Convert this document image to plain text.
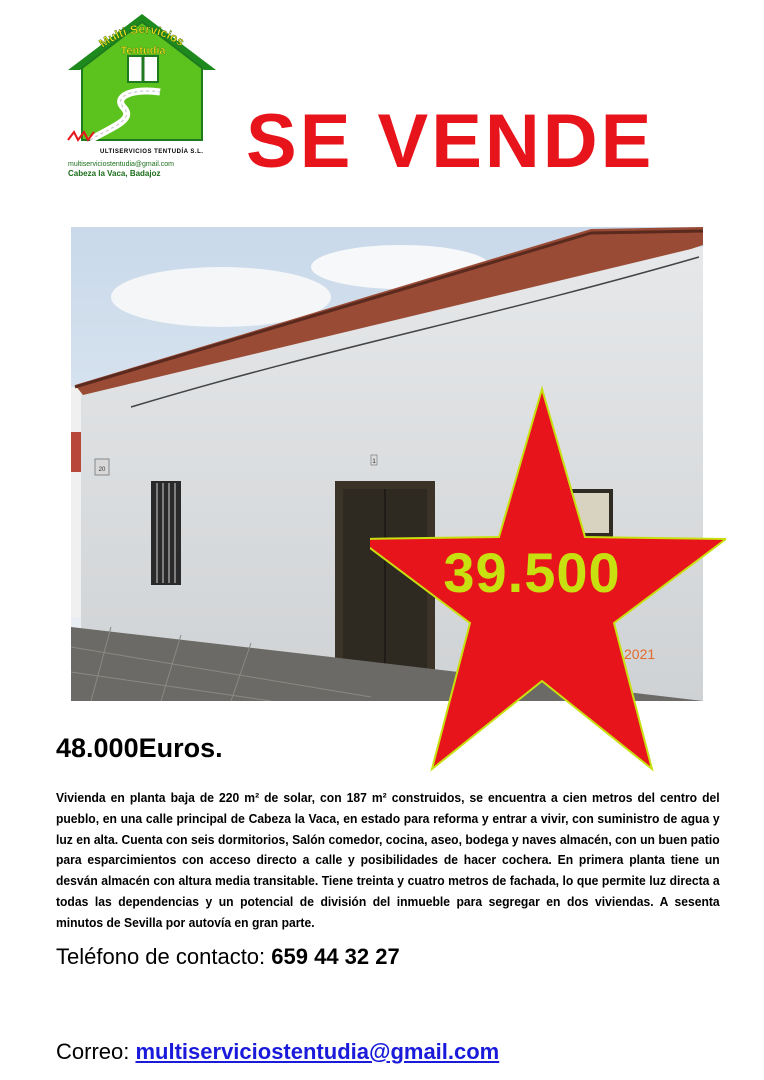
Multi Servicios
Tentudia
ULTISERVICIOS TENTUDÍA S.L.
multiserviciostentudia@gmail.com
Cabeza la Vaca, Badajoz SE VENDE
20
1
39.500
2021
48.000Euros.
Vivienda en planta baja de 220 m² de solar, con 187 m² construidos, se encuentra a cien metros del centro del pueblo, en una calle principal de Cabeza la Vaca, en estado para reforma y entrar a vivir, con suministro de agua y luz en alta. Cuenta con seis dormitorios, Salón comedor, cocina, aseo, bodega y naves almacén, con un buen patio para esparcimientos con acceso directo a calle y posibilidades de hacer cochera. En primera planta tiene un desván almacén con altura media transitable. Tiene treinta y cuatro metros de fachada, lo que permite luz directa a todas las dependencias y un potencial de división del inmueble para segregar en dos viviendas. A sesenta minutos de Sevilla por autovía en gran parte.
Teléfono de contacto: 659 44 32 27
Correo: multiserviciostentudia@gmail.com
